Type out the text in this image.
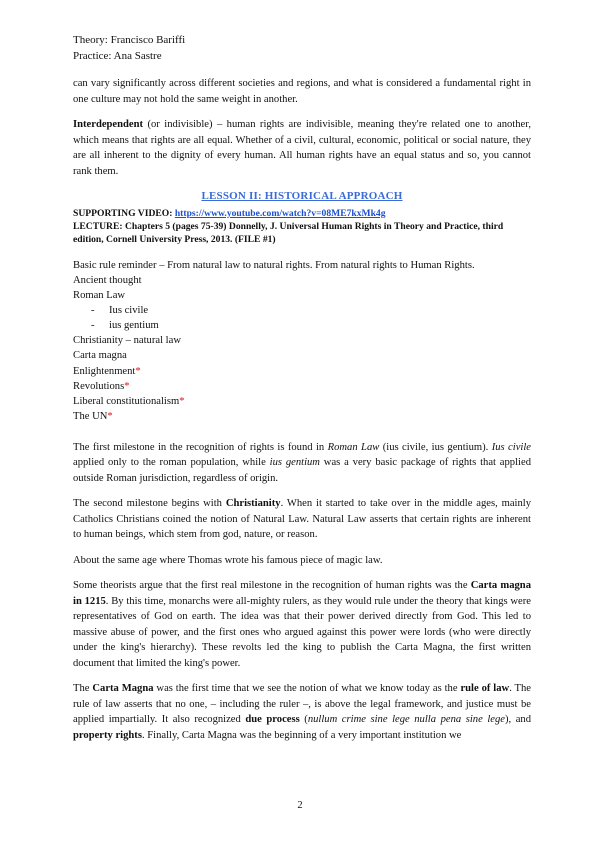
Theory: Francisco Bariffi
Practice: Ana Sastre

can vary significantly across different societies and regions, and what is considered a fundamental right in one culture may not hold the same weight in another.

Interdependent (or indivisible) – human rights are indivisible, meaning they're related one to another, which means that rights are all equal. Whether of a civil, cultural, economic, political or social nature, they are all inherent to the dignity of every human. All human rights have an equal status and so, you cannot rank them.

LESSON II: HISTORICAL APPROACH

SUPPORTING VIDEO: https://www.youtube.com/watch?v=08ME7kxMk4g

LECTURE: Chapters 5 (pages 75-39) Donnelly, J. Universal Human Rights in Theory and Practice, third edition, Cornell University Press, 2013. (FILE #1)

Basic rule reminder – From natural law to natural rights. From natural rights to Human Rights.

Ancient thought
Roman Law
- Ius civile
- ius gentium
Christianity – natural law
Carta magna
Enlightenment*
Revolutions*
Liberal constitutionalism*
The UN*

The first milestone in the recognition of rights is found in Roman Law (ius civile, ius gentium). Ius civile applied only to the roman population, while ius gentium was a very basic package of rights that applied outside Roman jurisdiction, regardless of origin.

The second milestone begins with Christianity. When it started to take over in the middle ages, mainly Catholics Christians coined the notion of Natural Law. Natural Law asserts that certain rights are inherent to human beings, which stem from god, nature, or reason.

About the same age where Thomas wrote his famous piece of magic law.

Some theorists argue that the first real milestone in the recognition of human rights was the Carta magna in 1215. By this time, monarchs were all-mighty rulers, as they would rule under the theory that kings were representatives of God on earth. The idea was that their power derived directly from God. This led to massive abuse of power, and the first ones who argued against this power were lords (who were directly under the king's hierarchy). These revolts led the king to publish the Carta Magna, the first written document that limited the king's power.

The Carta Magna was the first time that we see the notion of what we know today as the rule of law. The rule of law asserts that no one, – including the ruler –, is above the legal framework, and justice must be applied impartially. It also recognized due process (nullum crime sine lege nulla pena sine lege), and property rights. Finally, Carta Magna was the beginning of a very important institution we

2
